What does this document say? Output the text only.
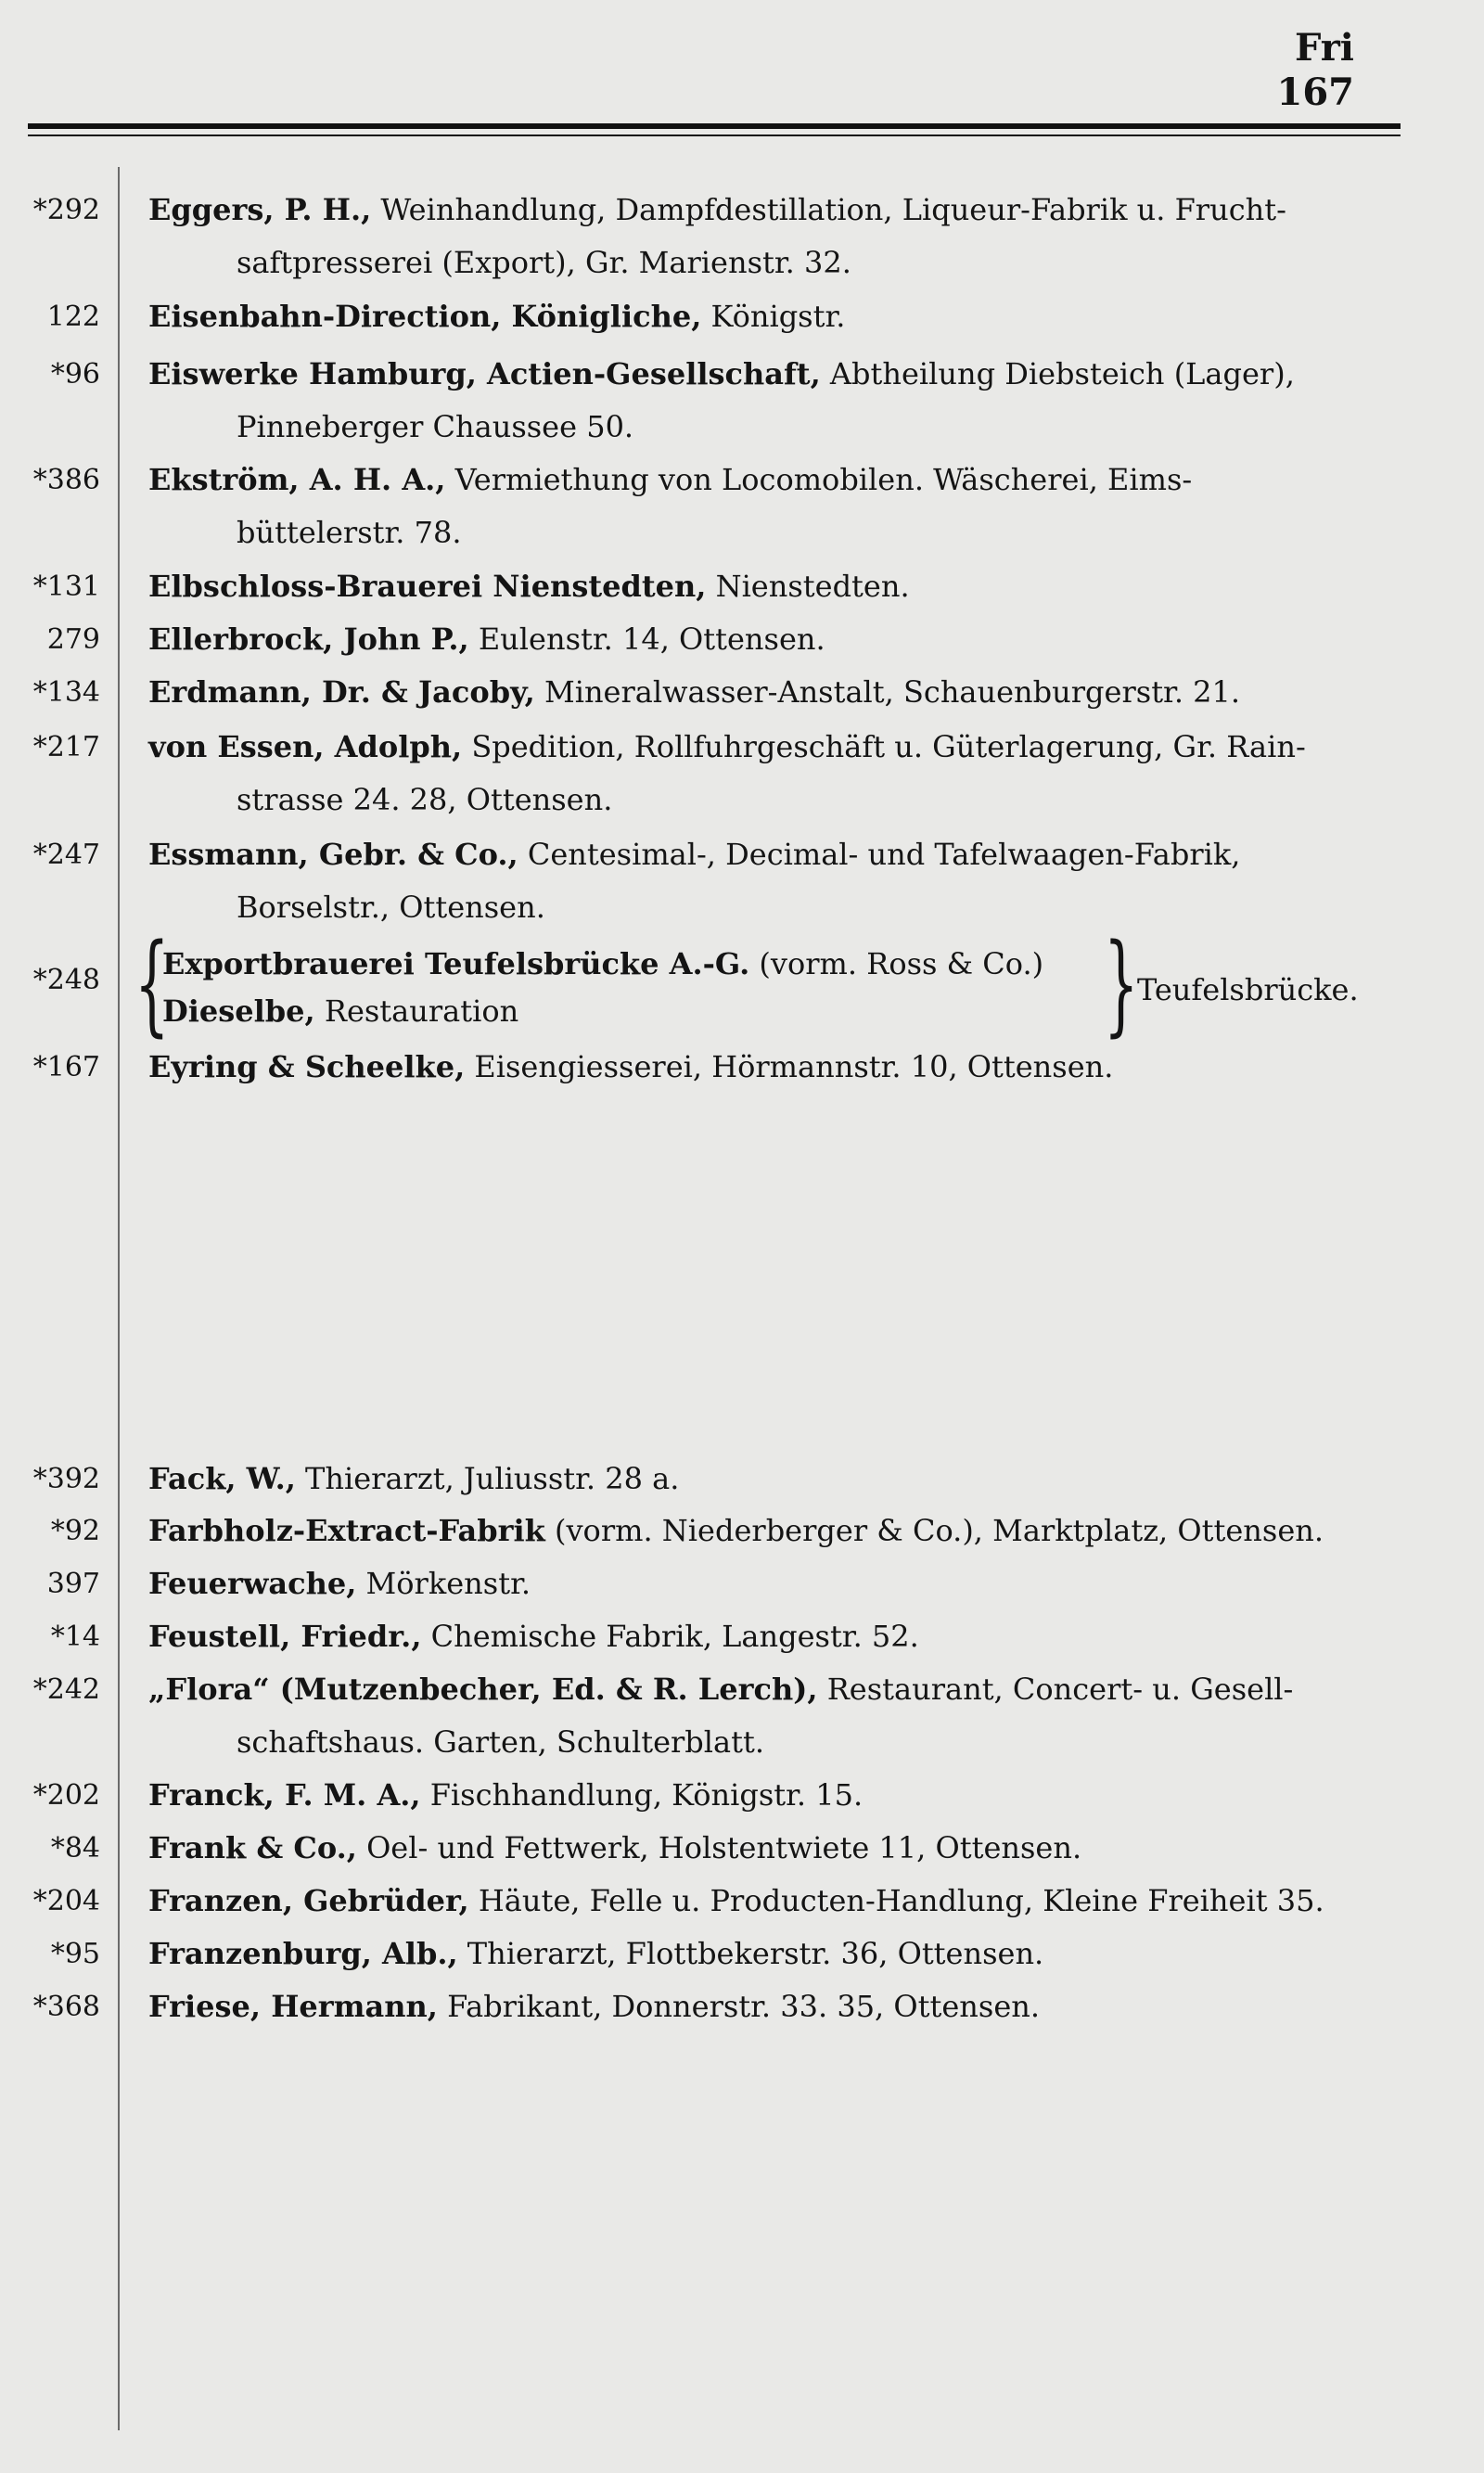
Fri
167
*292 Eggers, P. H., Weinhandlung, Dampfdestillation, Liqueur-Fabrik u. Frucht-
saftpresserei (Export), Gr. Marienstr. 32.
122 Eisenbahn-Direction, Königliche, Königstr.
*96 Eiswerke Hamburg, Actien-Gesellschaft, Abtheilung Diebsteich (Lager),
Pinneberger Chaussee 50.
*386 Ekström, A. H. A., Vermiethung von Locomobilen. Wäscherei, Eims-
büttelerstr. 78.
*131 Elbschloss-Brauerei Nienstedten, Nienstedten.
279 Ellerbrock, John P., Eulenstr. 14, Ottensen.
*134 Erdmann, Dr. & Jacoby, Mineralwasser-Anstalt, Schauenburgerstr. 21.
*217 von Essen, Adolph, Spedition, Rollfuhrgeschäft u. Güterlagerung, Gr. Rain-
strasse 24. 28, Ottensen.
*247 Essmann, Gebr. & Co., Centesimal-, Decimal- und Tafelwaagen-Fabrik,
Borselstr., Ottensen.
*248 {
Exportbrauerei Teufelsbrücke A.-G. (vorm. Ross & Co.)
Dieselbe, Restauration	}
Teufelsbrücke.
*167 Eyring & Scheelke, Eisengiesserei, Hörmannstr. 10, Ottensen.
*392 Fack, W., Thierarzt, Juliusstr. 28 a.
*92 Farbholz-Extract-Fabrik (vorm. Niederberger & Co.), Marktplatz, Ottensen.
397 Feuerwache, Mörkenstr.
*14 Feustell, Friedr., Chemische Fabrik, Langestr. 52.
*242 „Flora“ (Mutzenbecher, Ed. & R. Lerch), Restaurant, Concert- u. Gesell-
schaftshaus. Garten, Schulterblatt.
*202 Franck, F. M. A., Fischhandlung, Königstr. 15.
*84 Frank & Co., Oel- und Fettwerk, Holstentwiete 11, Ottensen.
*204 Franzen, Gebrüder, Häute, Felle u. Producten-Handlung, Kleine Freiheit 35.
*95 Franzenburg, Alb., Thierarzt, Flottbekerstr. 36, Ottensen.
*368 Friese, Hermann, Fabrikant, Donnerstr. 33. 35, Ottensen.
